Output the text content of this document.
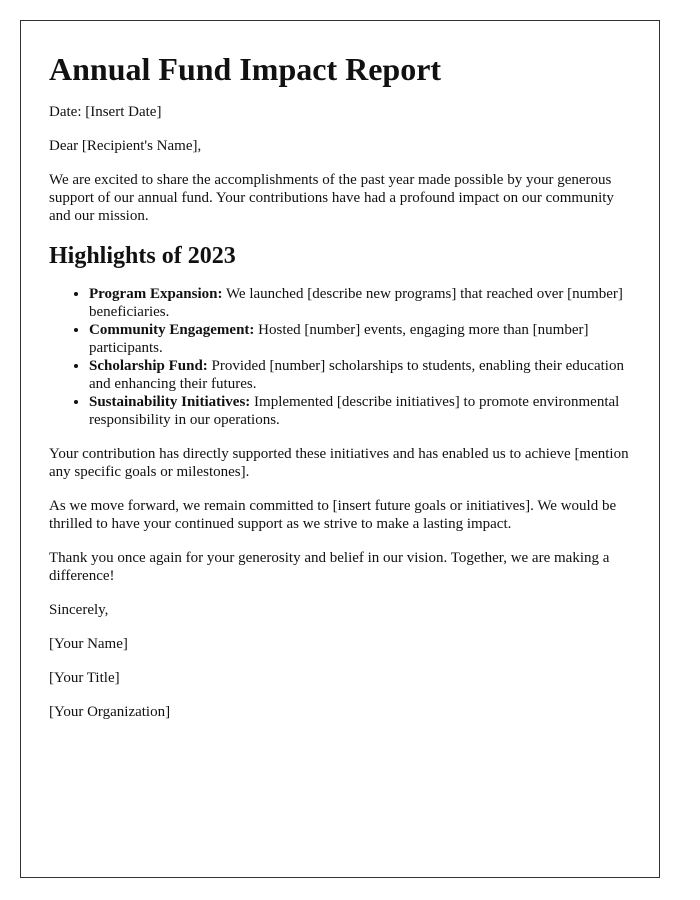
Annual Fund Impact Report

Date: [Insert Date]

Dear [Recipient's Name],

We are excited to share the accomplishments of the past year made possible by your generous support of our annual fund. Your contributions have had a profound impact on our community and our mission.

Highlights of 2023
• Program Expansion: We launched [describe new programs] that reached over [number] beneficiaries.
• Community Engagement: Hosted [number] events, engaging more than [number] participants.
• Scholarship Fund: Provided [number] scholarships to students, enabling their education and enhancing their futures.
• Sustainability Initiatives: Implemented [describe initiatives] to promote environmental responsibility in our operations.

Your contribution has directly supported these initiatives and has enabled us to achieve [mention any specific goals or milestones].

As we move forward, we remain committed to [insert future goals or initiatives]. We would be thrilled to have your continued support as we strive to make a lasting impact.

Thank you once again for your generosity and belief in our vision. Together, we are making a difference!

Sincerely,

[Your Name]

[Your Title]

[Your Organization]
